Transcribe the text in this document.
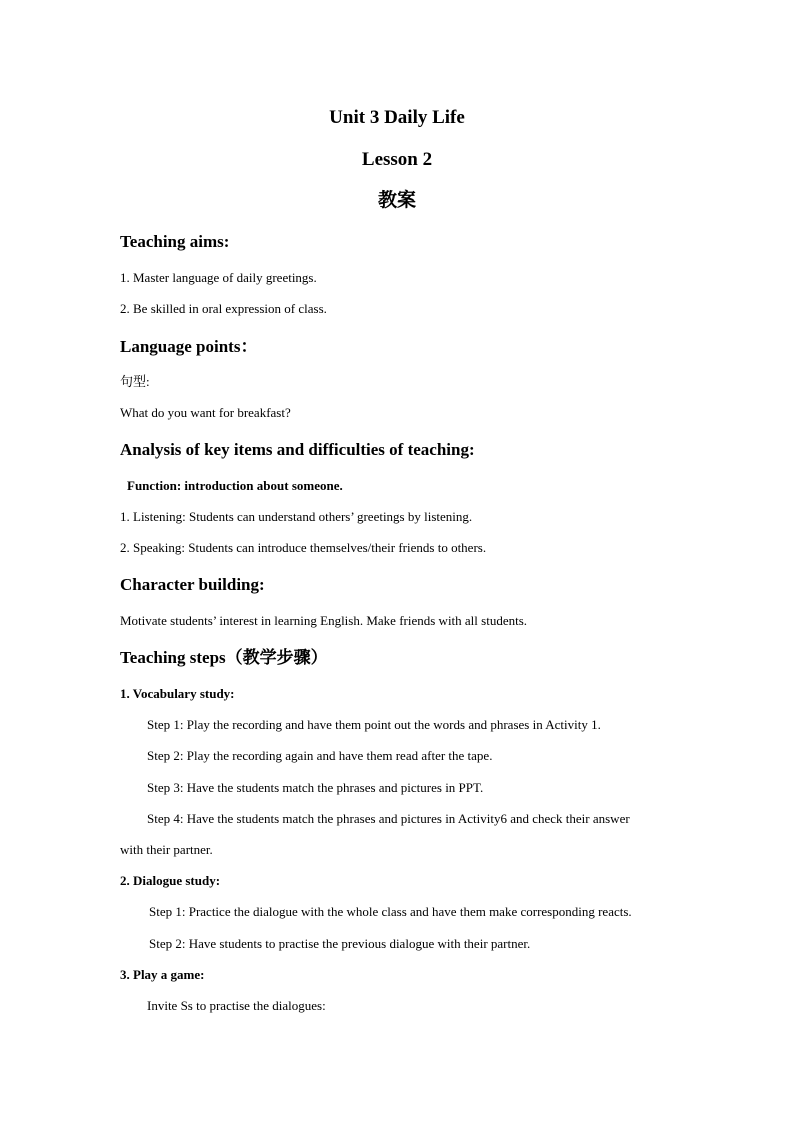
Unit 3 Daily Life
Lesson 2
教案
Teaching aims:
1. Master language of daily greetings.
2. Be skilled in oral expression of class.
Language points：
句型:
What do you want for breakfast?
Analysis of key items and difficulties of teaching:
Function: introduction about someone.
1. Listening: Students can understand others’ greetings by listening.
2. Speaking: Students can introduce themselves/their friends to others.
Character building:
Motivate students’ interest in learning English. Make friends with all students.
Teaching steps（教学步骤）
1. Vocabulary study:
Step 1: Play the recording and have them point out the words and phrases in Activity 1.
Step 2: Play the recording again and have them read after the tape.
Step 3: Have the students match the phrases and pictures in PPT.
Step 4: Have the students match the phrases and pictures in Activity6 and check their answer
with their partner.
2. Dialogue study:
Step 1: Practice the dialogue with the whole class and have them make corresponding reacts.
Step 2: Have students to practise the previous dialogue with their partner.
3. Play a game:
Invite Ss to practise the dialogues:
